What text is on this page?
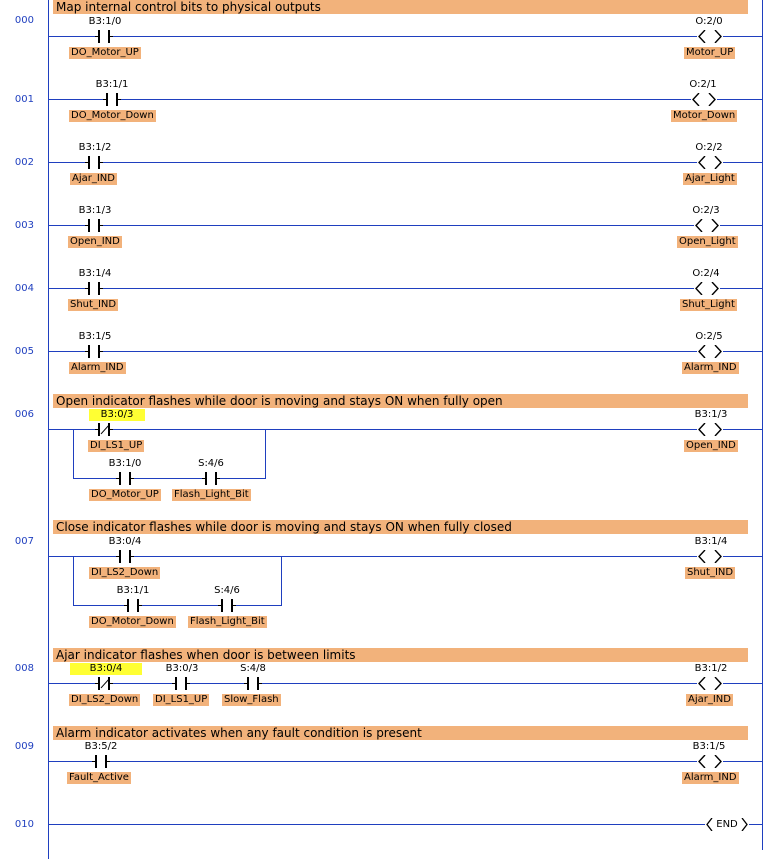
Map internal control bits to physical outputs
000	B3:1/0
DO_Motor_UP
O:2/0
Motor_UP
001
B3:1/1
DO_Motor_Down
O:2/1
Motor_Down
002
B3:1/2
Ajar_IND
O:2/2
Ajar_Light
003
B3:1/3
Open_IND
O:2/3
Open_Light
004
B3:1/4
Shut_IND
O:2/4
Shut_Light
005
B3:1/5
Alarm_IND
O:2/5
Alarm_IND
Open indicator flashes while door is moving and stays ON when fully open
006	B3:0/3
DI_LS1_UP
B3:1/0
DO_Motor_UP
S:4/6
Flash_Light_Bit
B3:1/3
Open_IND
Close indicator flashes while door is moving and stays ON when fully closed
007	B3:0/4
DI_LS2_Down
B3:1/1
DO_Motor_Down
S:4/6
Flash_Light_Bit
B3:1/4
Shut_IND
Ajar indicator flashes when door is between limits
008	B3:0/4
DI_LS2_Down
B3:0/3
DI_LS1_UP
S:4/8
Slow_Flash
B3:1/2
Ajar_IND
Alarm indicator activates when any fault condition is present
009	B3:5/2
Fault_Active
B3:1/5
Alarm_IND
010	END
